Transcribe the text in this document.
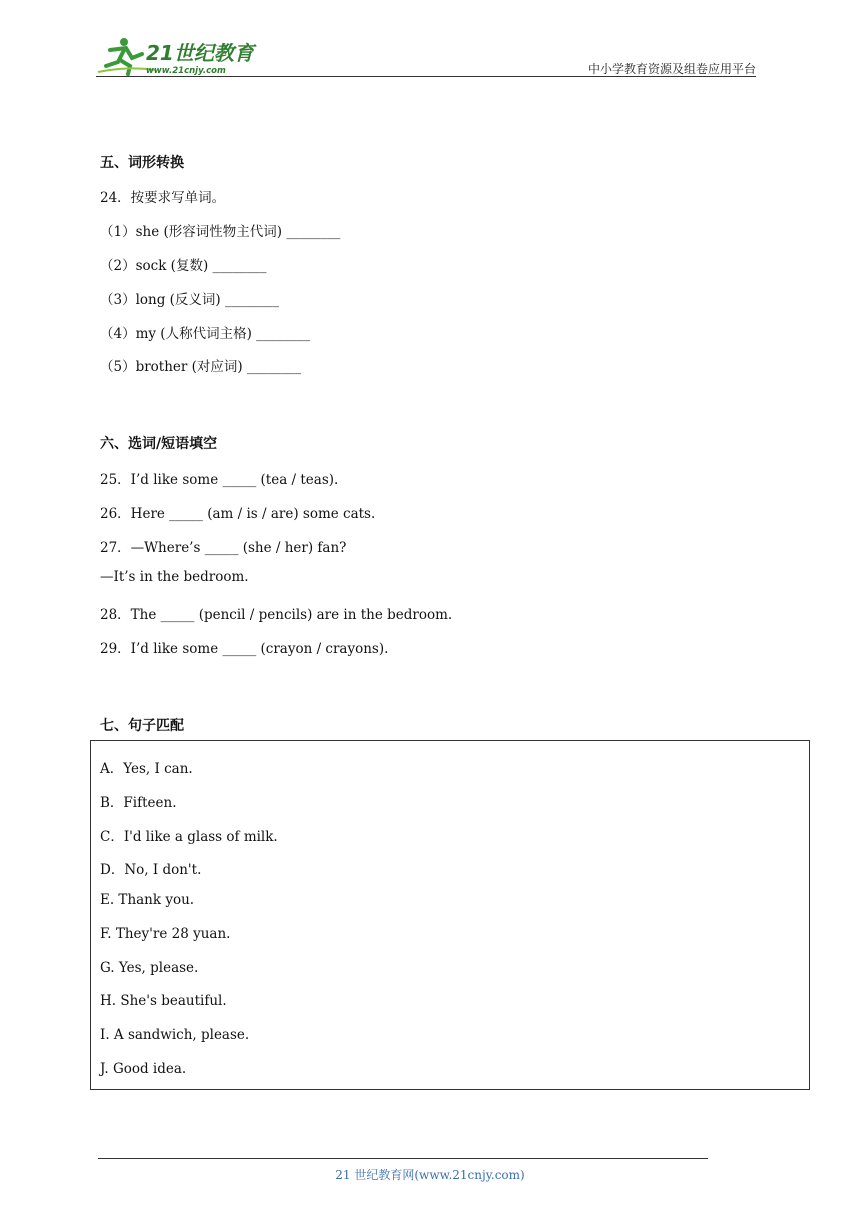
21世纪教育
www.21cnjy.com	中小学教育资源及组卷应用平台
五、词形转换
24．按要求写单词。
（1）she (形容词性物主代词) ________
（2）sock (复数) ________
（3）long (反义词) ________
（4）my (人称代词主格) ________
（5）brother (对应词) ________
六、选词/短语填空
25．I’d like some _____ (tea / teas).
26．Here _____ (am / is / are) some cats.
27．—Where’s _____ (she / her) fan?
—It’s in the bedroom.
28．The _____ (pencil / pencils) are in the bedroom.
29．I’d like some _____ (crayon / crayons).
七、句子匹配
A．Yes, I can.
B．Fifteen.
C．I'd like a glass of milk.
D．No, I don't.
E. Thank you.
F. They're 28 yuan.
G. Yes, please.
H. She's beautiful.
I. A sandwich, please.
J. Good idea.
21 世纪教育网(www.21cnjy.com)
